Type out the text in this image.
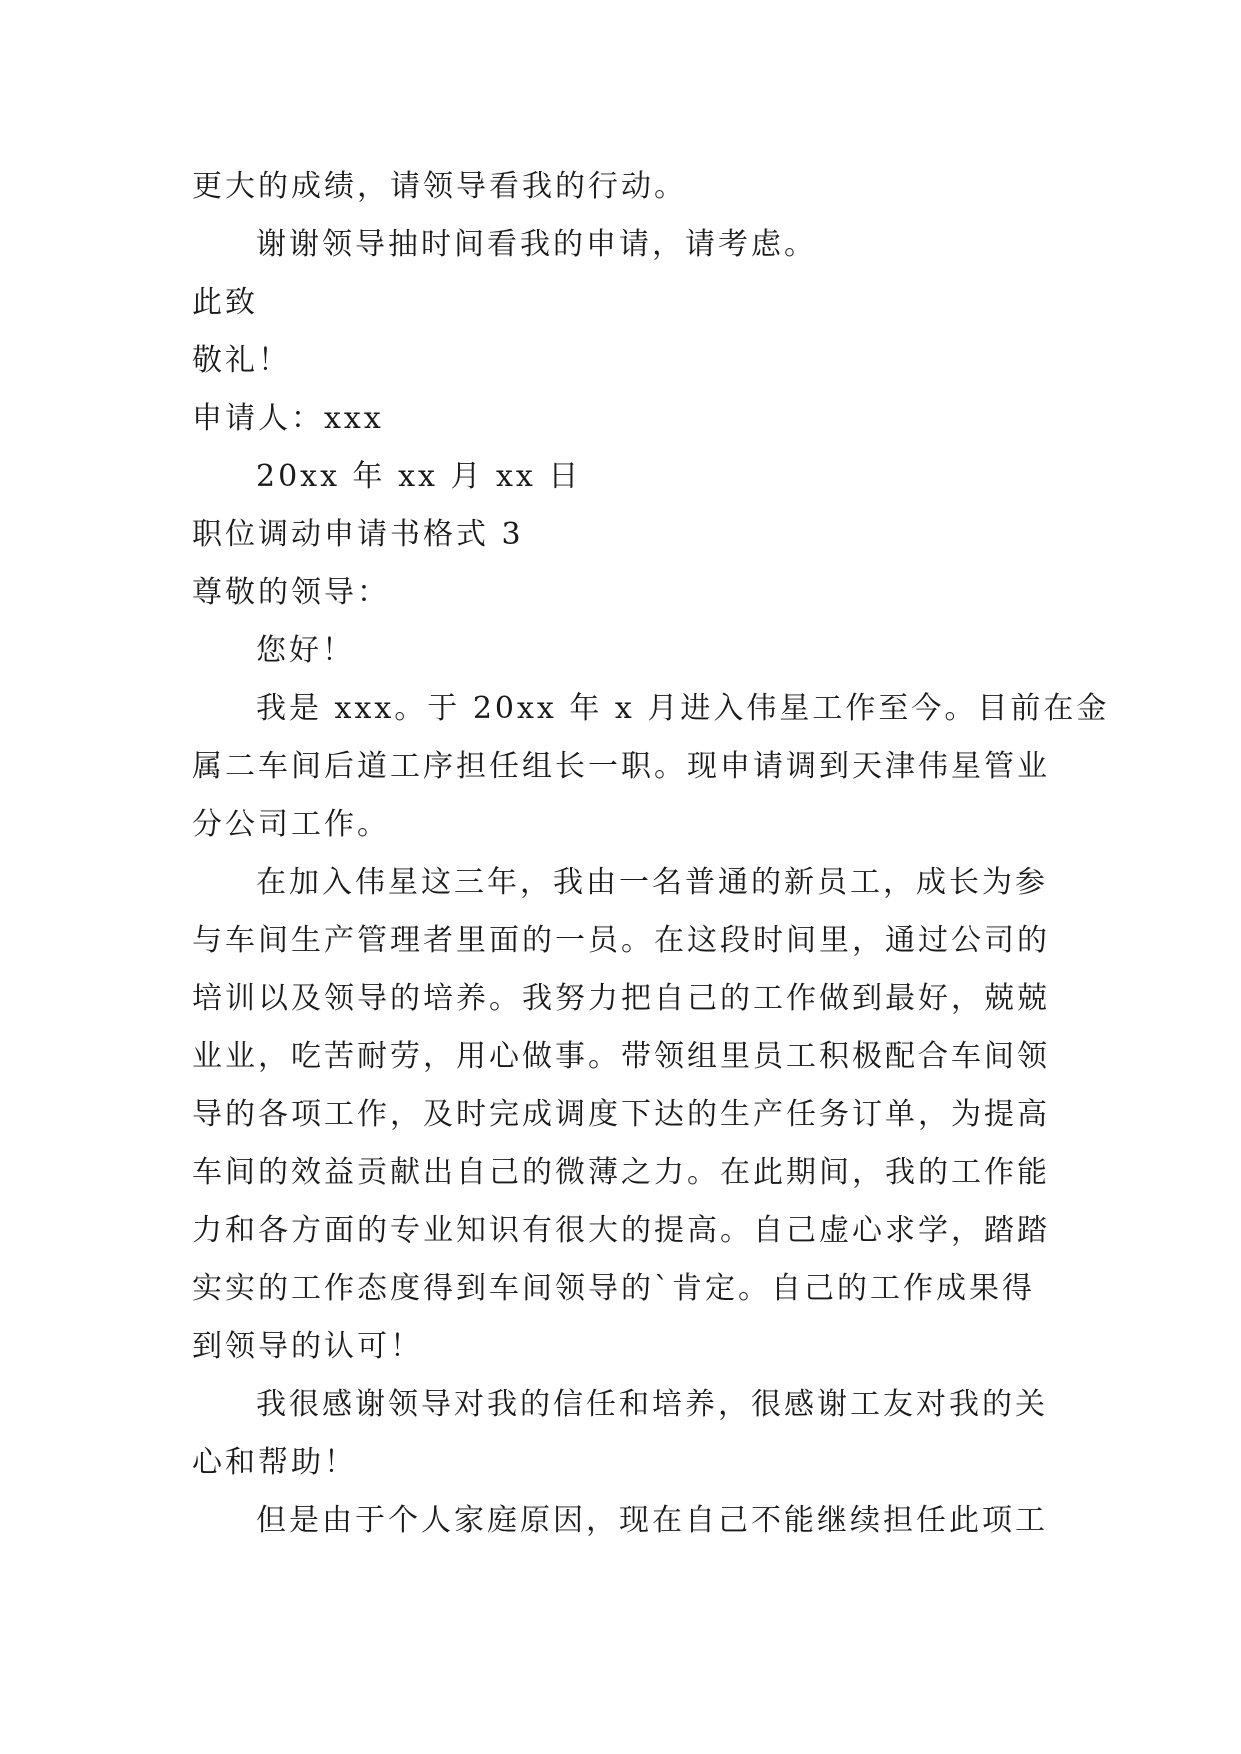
更大的成绩，请领导看我的行动。
谢谢领导抽时间看我的申请，请考虑。
此致
敬礼！
申请人：xxx
20xx 年 xx 月 xx 日
职位调动申请书格式 3
尊敬的领导：
您好！
我是 xxx。于 20xx 年 x 月进入伟星工作至今。目前在金
属二车间后道工序担任组长一职。现申请调到天津伟星管业
分公司工作。
在加入伟星这三年，我由一名普通的新员工，成长为参
与车间生产管理者里面的一员。在这段时间里，通过公司的
培训以及领导的培养。我努力把自己的工作做到最好，兢兢
业业，吃苦耐劳，用心做事。带领组里员工积极配合车间领
导的各项工作，及时完成调度下达的生产任务订单，为提高
车间的效益贡献出自己的微薄之力。在此期间，我的工作能
力和各方面的专业知识有很大的提高。自己虚心求学，踏踏
实实的工作态度得到车间领导的`肯定。自己的工作成果得
到领导的认可！
我很感谢领导对我的信任和培养，很感谢工友对我的关
心和帮助！
但是由于个人家庭原因，现在自己不能继续担任此项工
